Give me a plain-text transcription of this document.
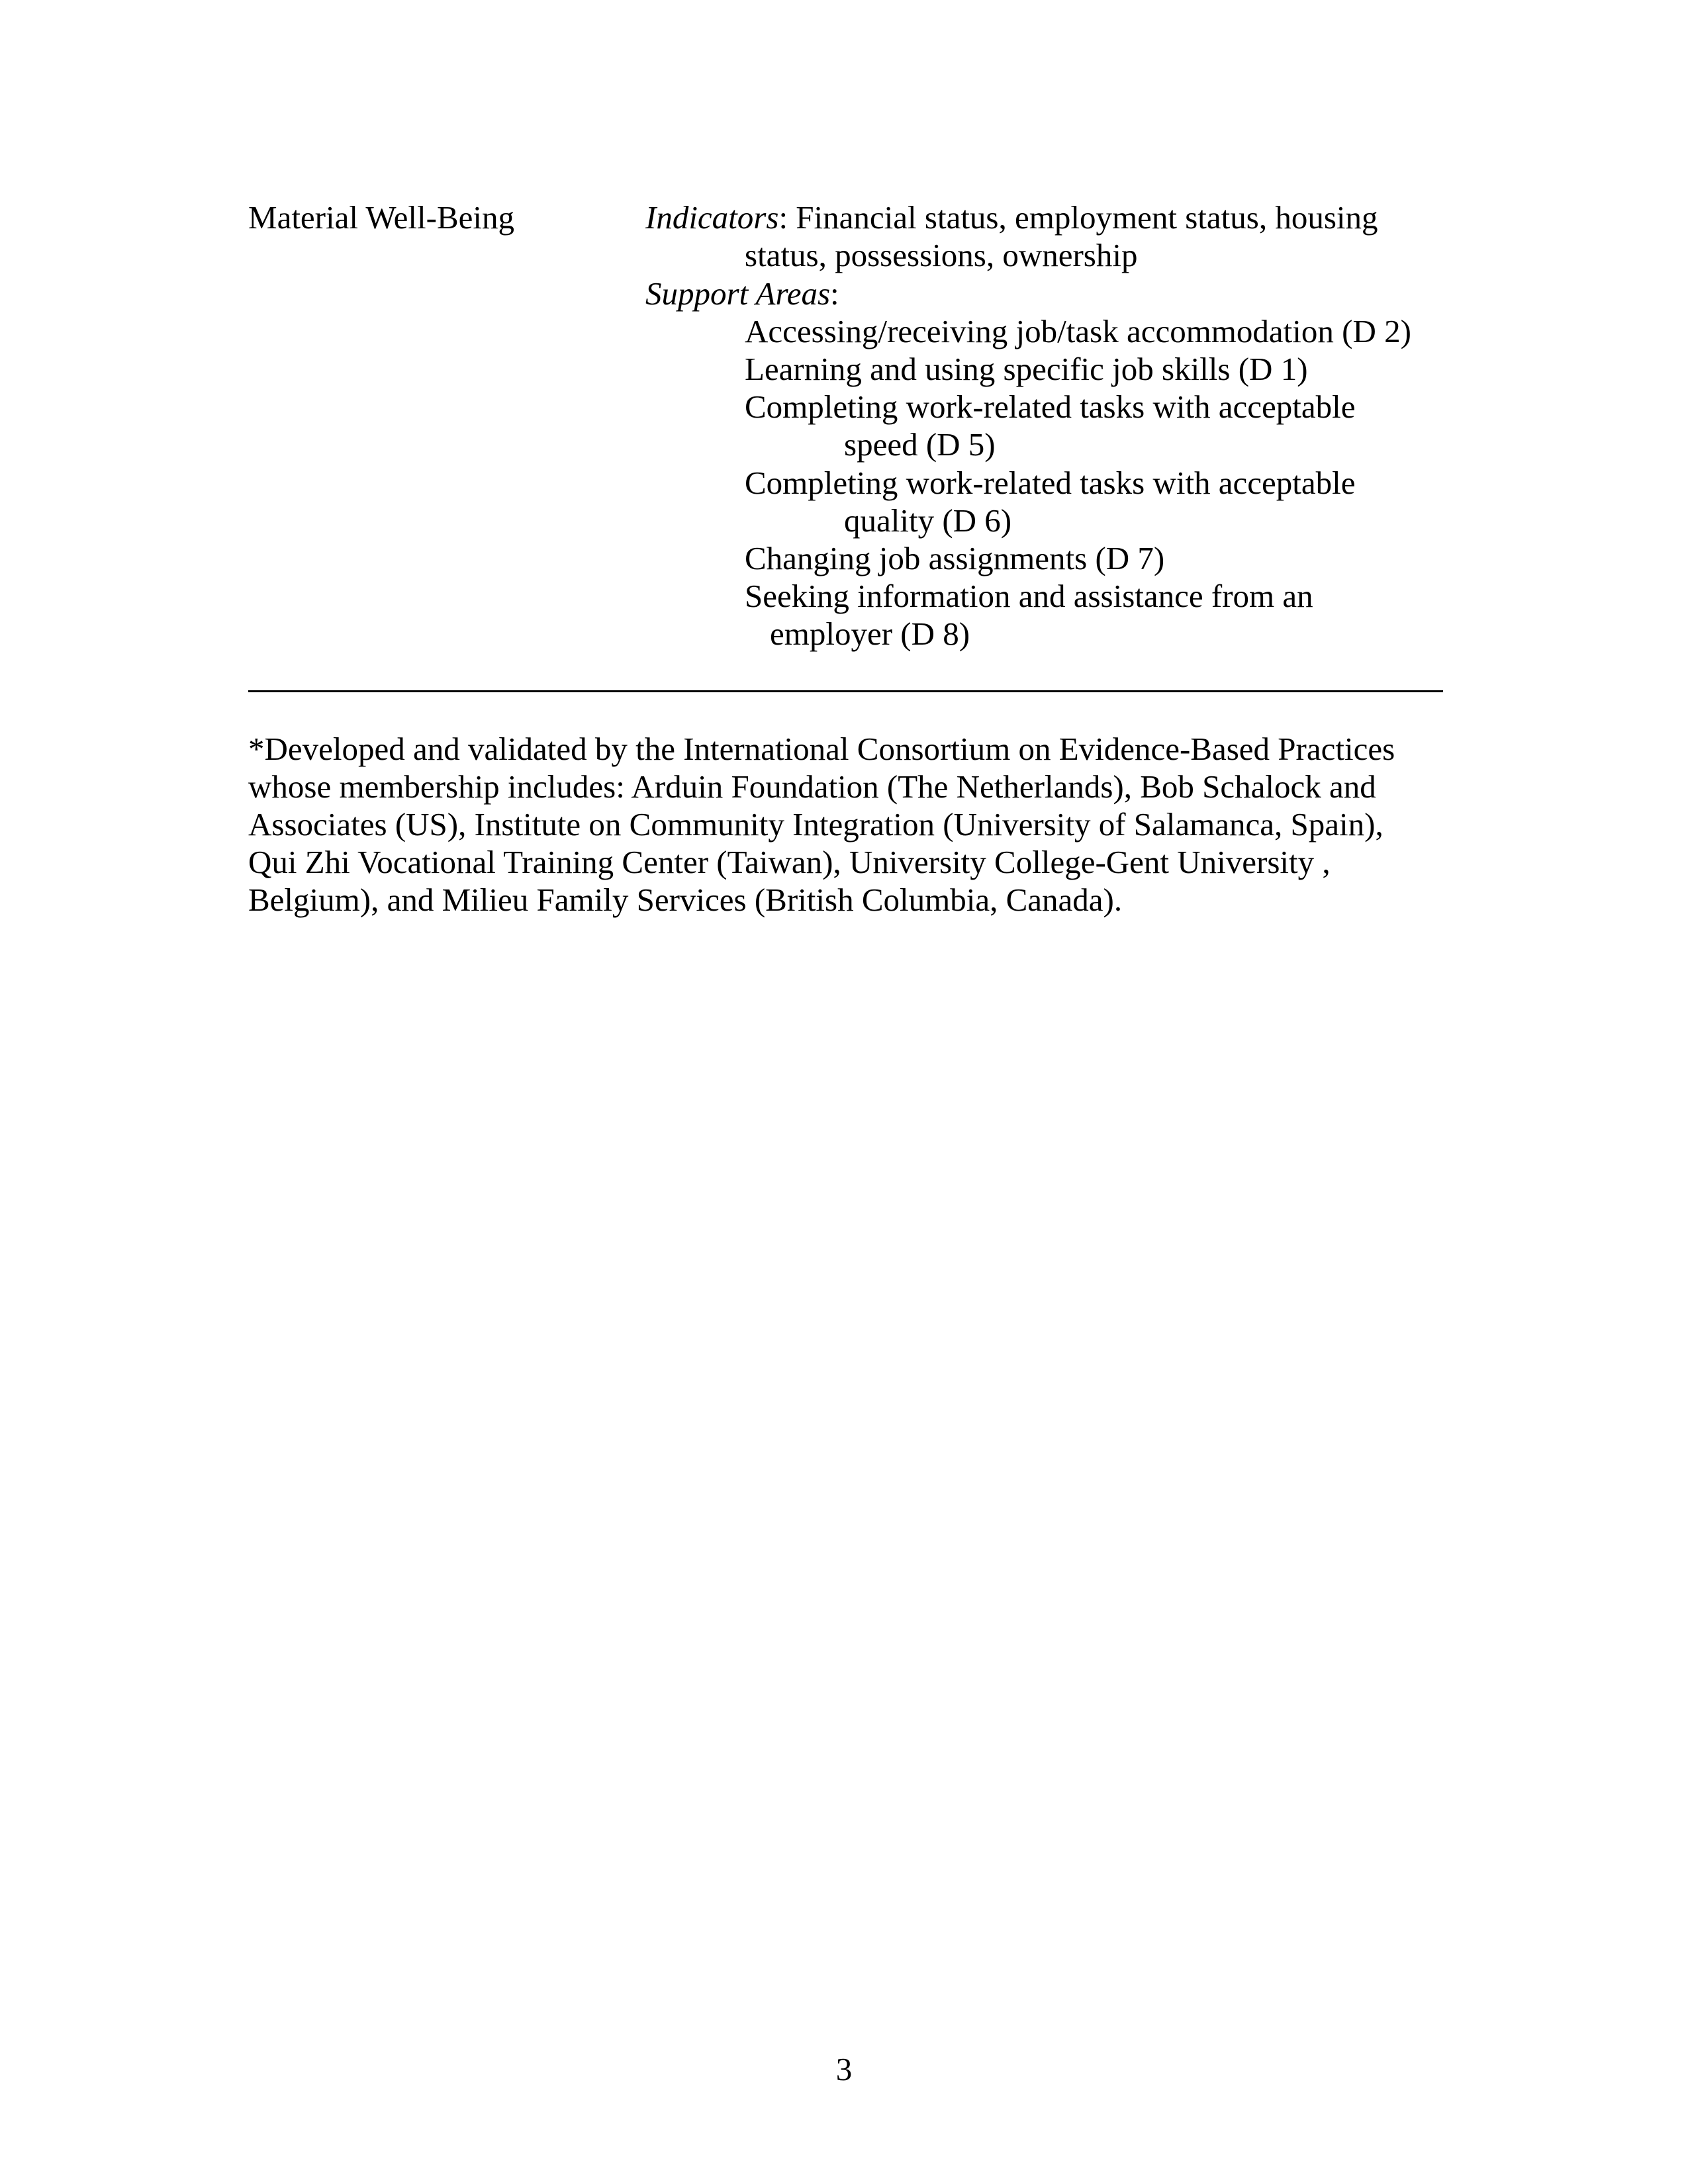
Material Well-Being	Indicators: Financial status, employment status, housing
status, possessions, ownership
Support Areas:
Accessing/receiving job/task accommodation (D 2)
Learning and using specific job skills (D 1)
Completing work-related tasks with acceptable
speed (D 5)
Completing work-related tasks with acceptable
quality (D 6)
Changing job assignments (D 7)
Seeking information and assistance from an
employer (D 8)
*Developed and validated by the International Consortium on Evidence-Based Practices
whose membership includes: Arduin Foundation (The Netherlands), Bob Schalock and
Associates (US), Institute on Community Integration (University of Salamanca, Spain),
Qui Zhi Vocational Training Center (Taiwan), University College-Gent University ,
Belgium), and Milieu Family Services (British Columbia, Canada).
3
